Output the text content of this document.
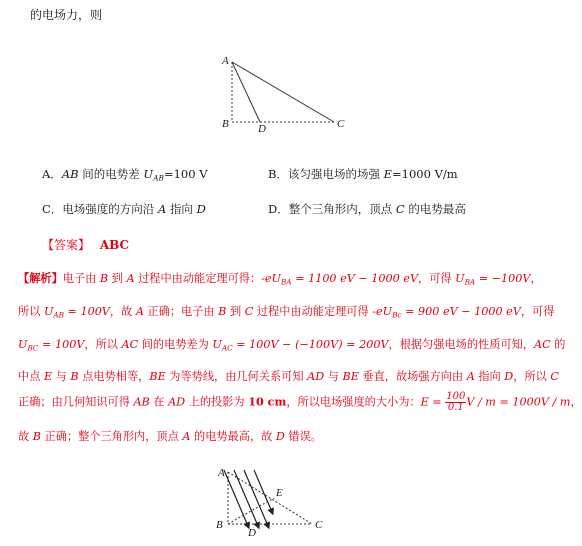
的电场力，则
A
B	D	C
A．AB 间的电势差 $U_{AB}=100$ V	B．该匀强电场的场强 E=1000 V/m
C．电场强度的方向沿 A 指向 D	D．整个三角形内，顶点 C 的电势最高
【答案】 ABC
【解析】电子由 B 到 A 过程中由动能定理可得：$-eU_{BA} = 1100$ eV − 1000 eV，可得 $U_{BA} = -100V$，
所以 $U_{AB} = 100V$，故 A 正确；电子由 B 到 C 过程中由动能定理可得 $-eU_{Bc} = 900$ eV − 1000 eV，可得
$U_{BC} = 100V$，所以 AC 间的电势差为 $U_{AC} = 100V - (-100V) = 200V$，根据匀强电场的性质可知，AC 的
中点 E 与 B 点电势相等，BE 为等势线，由几何关系可知 AD 与 BE 垂直，故场强方向由 A 指向 D，所以 C
正确；由几何知识可得 AB 在 AD 上的投影为 10 cm，所以电场强度的大小为：$E = \frac{100}{0.1}$ V / m = 1000V / m，
故 B 正确；整个三角形内，顶点 A 的电势最高，故 D 错误。
A
B
D
E
C
